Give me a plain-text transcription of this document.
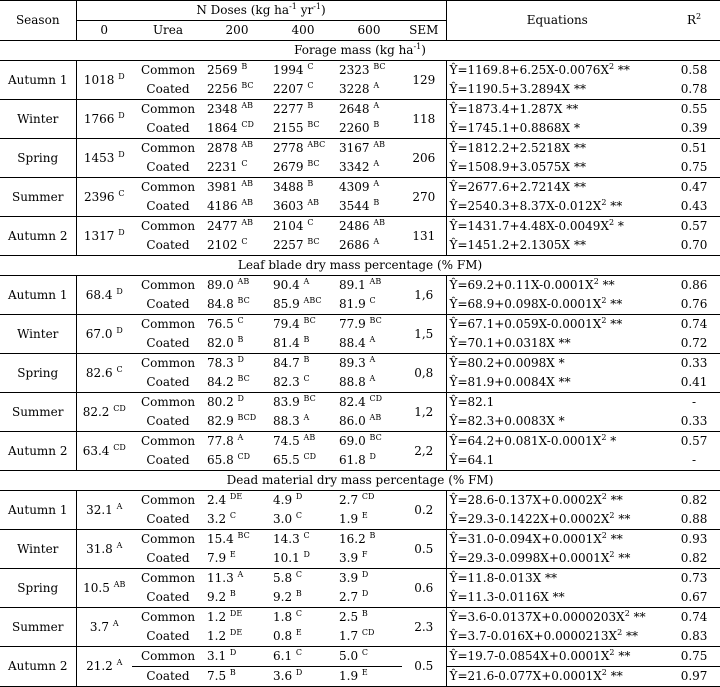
Season	N Doses (kg $ha^{-1}$ $yr^{-1}$)						Equations	$R^2$
	0	Urea	200	400	600	SEM		
Forage mass (kg $ha^{-1}$)								
Autumn 1	1018 $^D$	Common	2569 $^B$	1994 $^C$	2323 $^{BC}$	129	$Ŷ=1169.8+6.25X-0.0076X^2$ **	0.58
		Coated	2256 $^{BC}$	2207 $^C$	3228 $^A$		Ŷ=1190.5+3.2894X **	0.78
Winter	1766 $^D$	Common	2348 $^{AB}$	2277 $^B$	2648 $^A$	118	Ŷ=1873.4+1.287X **	0.55
		Coated	1864 $^{CD}$	2155 $^{BC}$	2260 $^B$		Ŷ=1745.1+0.8868X *	0.39
Spring	1453 $^D$	Common	2878 $^{AB}$	2778 $^{ABC}$	3167 $^{AB}$	206	Ŷ=1812.2+2.5218X **	0.51
		Coated	2231 $^C$	2679 $^{BC}$	3342 $^A$		Ŷ=1508.9+3.0575X **	0.75
Summer	2396 $^C$	Common	3981 $^{AB}$	3488 $^B$	4309 $^A$	270	Ŷ=2677.6+2.7214X **	0.47
		Coated	4186 $^{AB}$	3603 $^{AB}$	3544 $^B$		$Ŷ=2540.3+8.37X-0.012X^2$ **	0.43
Autumn 2	1317 $^D$	Common	2477 $^{AB}$	2104 $^C$	2486 $^{AB}$	131	$Ŷ=1431.7+4.48X-0.0049X^2$ *	0.57
		Coated	2102 $^C$	2257 $^{BC}$	2686 $^A$		Ŷ=1451.2+2.1305X **	0.70
Leaf blade dry mass percentage (% FM)								
Autumn 1	68.4 $^D$	Common	89.0 $^{AB}$	90.4 $^A$	89.1 $^{AB}$	1,6	$Ŷ=69.2+0.11X-0.0001X^2$ **	0.86
		Coated	84.8 $^{BC}$	85.9 $^{ABC}$	81.9 $^C$		$Ŷ=68.9+0.098X-0.0001X^2$ **	0.76
Winter	67.0 $^D$	Common	76.5 $^C$	79.4 $^{BC}$	77.9 $^{BC}$	1,5	$Ŷ=67.1+0.059X-0.0001X^2$ **	0.74
		Coated	82.0 $^B$	81.4 $^B$	88.4 $^A$		Ŷ=70.1+0.0318X **	0.72
Spring	82.6 $^C$	Common	78.3 $^D$	84.7 $^B$	89.3 $^A$	0,8	Ŷ=80.2+0.0098X *	0.33
		Coated	84.2 $^{BC}$	82.3 $^C$	88.8 $^A$		Ŷ=81.9+0.0084X **	0.41
Summer	82.2 $^{CD}$	Common	80.2 $^D$	83.9 $^{BC}$	82.4 $^{CD}$	1,2	Ŷ=82.1	-
		Coated	82.9 $^{BCD}$	88.3 $^A$	86.0 $^{AB}$		Ŷ=82.3+0.0083X *	0.33
Autumn 2	63.4 $^{CD}$	Common	77.8 $^A$	74.5 $^{AB}$	69.0 $^{BC}$	2,2	$Ŷ=64.2+0.081X-0.0001X^2$ *	0.57
		Coated	65.8 $^{CD}$	65.5 $^{CD}$	61.8 $^D$		Ŷ=64.1	-
Dead material dry mass percentage (% FM)								
Autumn 1	32.1 $^A$	Common	2.4 $^{DE}$	4.9 $^D$	2.7 $^{CD}$	0.2	$Ŷ=28.6-0.137X+0.0002X^2$ **	0.82
		Coated	3.2 $^C$	3.0 $^C$	1.9 $^E$		$Ŷ=29.3-0.1422X+0.0002X^2$ **	0.88
Winter	31.8 $^A$	Common	15.4 $^{BC}$	14.3 $^C$	16.2 $^B$	0.5	$Ŷ=31.0-0.094X+0.0001X^2$ **	0.93
		Coated	7.9 $^E$	10.1 $^D$	3.9 $^F$		$Ŷ=29.3-0.0998X+0.0001X^2$ **	0.82
Spring	10.5 $^{AB}$	Common	11.3 $^A$	5.8 $^C$	3.9 $^D$	0.6	Ŷ=11.8-0.013X **	0.73
		Coated	9.2 $^B$	9.2 $^B$	2.7 $^D$		Ŷ=11.3-0.0116X **	0.67
Summer	3.7 $^A$	Common	1.2 $^{DE}$	1.8 $^C$	2.5 $^B$	2.3	$Ŷ=3.6-0.0137X+0.0000203X^2$ **	0.74
		Coated	1.2 $^{DE}$	0.8 $^E$	1.7 $^{CD}$		$Ŷ=3.7-0.016X+0.0000213X^2$ **	0.83
Autumn 2	21.2 $^A$	Common	3.1 $^D$	6.1 $^C$	5.0 $^C$	0.5	$Ŷ=19.7-0.0854X+0.0001X^2$ **	0.75
		Coated	7.5 $^B$	3.6 $^D$	1.9 $^E$		$Ŷ=21.6-0.077X+0.0001X^2$ **	0.97
